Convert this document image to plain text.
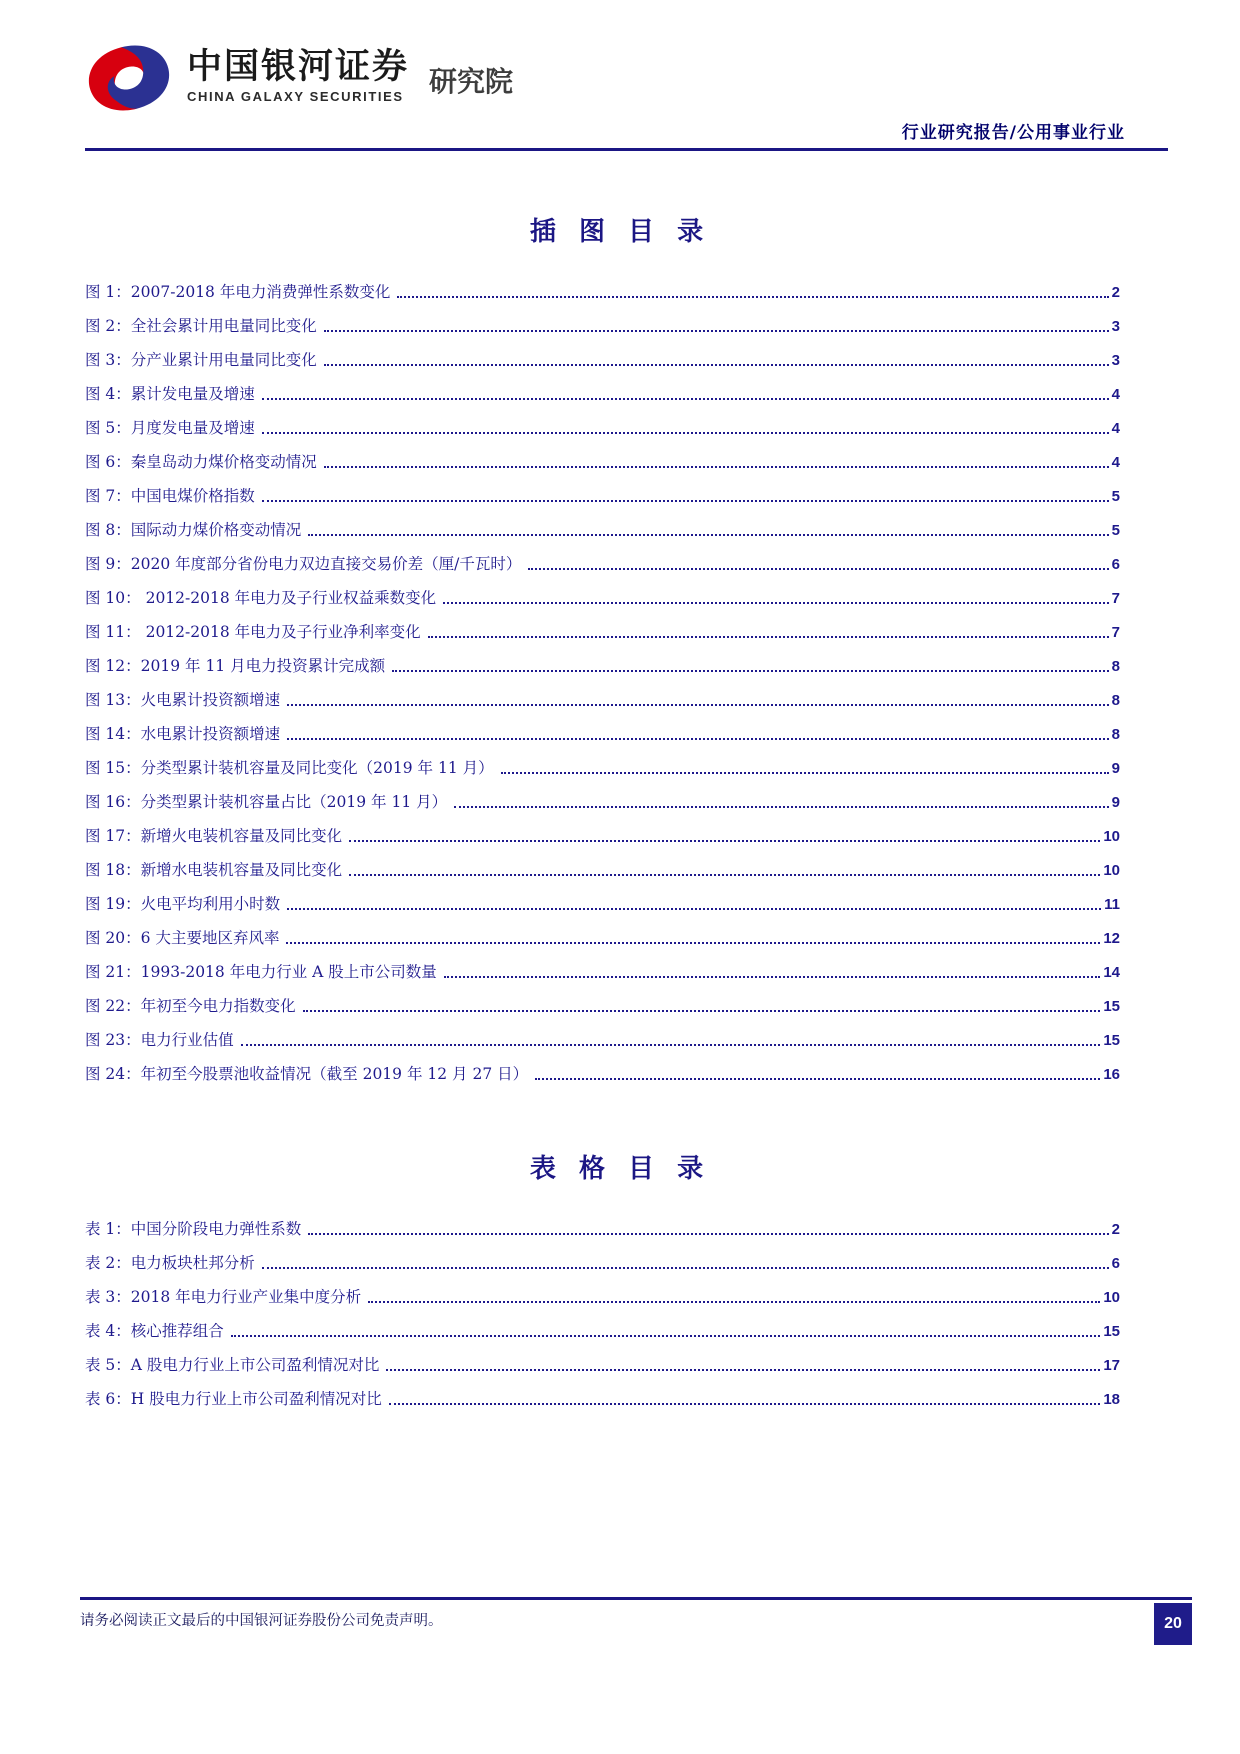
中国银河证券
CHINA GALAXY SECURITIES 研究院
行业研究报告/公用事业行业
插 图 目 录
图 1：2007-2018 年电力消费弹性系数变化	2
图 2：全社会累计用电量同比变化	3
图 3：分产业累计用电量同比变化	3
图 4：累计发电量及增速	4
图 5：月度发电量及增速	4
图 6：秦皇岛动力煤价格变动情况	4
图 7：中国电煤价格指数	5
图 8：国际动力煤价格变动情况	5
图 9：2020 年度部分省份电力双边直接交易价差（厘/千瓦时）	6
图 10： 2012-2018 年电力及子行业权益乘数变化	7
图 11： 2012-2018 年电力及子行业净利率变化	7
图 12：2019 年 11 月电力投资累计完成额	8
图 13：火电累计投资额增速	8
图 14：水电累计投资额增速	8
图 15：分类型累计装机容量及同比变化（2019 年 11 月）	9
图 16：分类型累计装机容量占比（2019 年 11 月）	9
图 17：新增火电装机容量及同比变化	10
图 18：新增水电装机容量及同比变化	10
图 19：火电平均利用小时数	11
图 20：6 大主要地区弃风率	12
图 21：1993-2018 年电力行业 A 股上市公司数量	14
图 22：年初至今电力指数变化	15
图 23：电力行业估值	15
图 24：年初至今股票池收益情况（截至 2019 年 12 月 27 日）	16
表 格 目 录
表 1：中国分阶段电力弹性系数	2
表 2：电力板块杜邦分析	6
表 3：2018 年电力行业产业集中度分析	10
表 4：核心推荐组合	15
表 5：A 股电力行业上市公司盈利情况对比	17
表 6：H 股电力行业上市公司盈利情况对比	18
请务必阅读正文最后的中国银河证券股份公司免责声明。	20
